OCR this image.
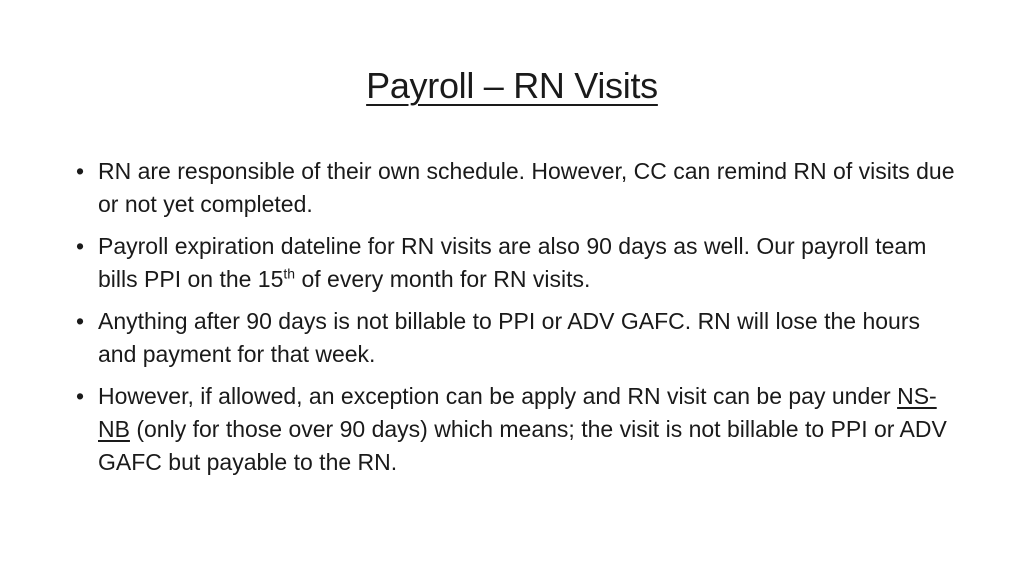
Payroll – RN Visits
• RN are responsible of their own schedule. However, CC can remind RN of visits due or not yet completed.
• Payroll expiration dateline for RN visits are also 90 days as well. Our payroll team bills PPI on the 15th of every month for RN visits.
• Anything after 90 days is not billable to PPI or ADV GAFC. RN will lose the hours and payment for that week.
• However, if allowed, an exception can be apply and RN visit can be pay under NS-NB (only for those over 90 days) which means; the visit is not billable to PPI or ADV GAFC but payable to the RN.
